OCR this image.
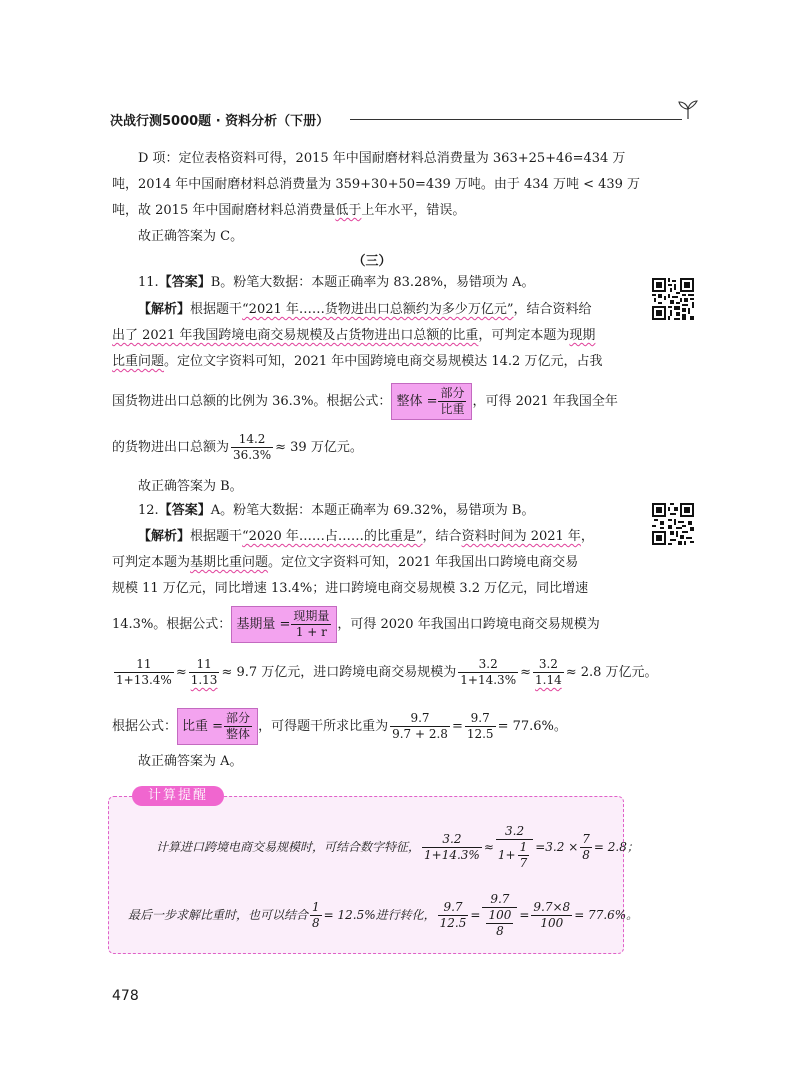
决战行测5000题 · 资料分析（下册）
D 项：定位表格资料可得，2015 年中国耐磨材料总消费量为 363+25+46=434 万
吨，2014 年中国耐磨材料总消费量为 359+30+50=439 万吨。由于 434 万吨 < 439 万
吨，故 2015 年中国耐磨材料总消费量低于上年水平，错误。
故正确答案为 C。
（三）
11.【答案】B。粉笔大数据：本题正确率为 83.28%，易错项为 A。
【解析】根据题干“2021 年……货物进出口总额约为多少万亿元”，结合资料给
出了 2021 年我国跨境电商交易规模及占货物进出口总额的比重，可判定本题为现期
比重问题。定位文字资料可知，2021 年中国跨境电商交易规模达 14.2 万亿元，占我
国货物进出口总额的比例为 36.3%。根据公式： 整体 = $\frac{\text{部分}}{\text{比重}}$ ，可得 2021 年我国全年
的货物进出口总额为 $\frac{14.2}{36.3\%} \approx 39$ 万亿元。
故正确答案为 B。
12.【答案】A。粉笔大数据：本题正确率为 69.32%，易错项为 B。
【解析】根据题干“2020 年……占……的比重是”，结合资料时间为 2021 年，
可判定本题为基期比重问题。定位文字资料可知，2021 年我国出口跨境电商交易
规模 11 万亿元，同比增速 13.4%；进口跨境电商交易规模 3.2 万亿元，同比增速
14.3%。根据公式： 基期量 = $\frac{\text{现期量}}{1 + r}$ ，可得 2020 年我国出口跨境电商交易规模为
$\frac{11}{1+13.4\%} \approx \frac{11}{1.13} \approx 9.7$ 万亿元，进口跨境电商交易规模为 $\frac{3.2}{1+14.3\%} \approx \frac{3.2}{1.14} \approx 2.8$ 万亿元。
根据公式： 比重 = $\frac{\text{部分}}{\text{整体}}$ ，可得题干所求比重为 $\frac{9.7}{9.7 + 2.8} = \frac{9.7}{12.5} = 77.6\%$。
故正确答案为 A。
计算提醒
计算进口跨境电商交易规模时，可结合数字特征， $\frac{3.2}{1+14.3\%} \approx \frac{3.2}{1+ \frac{1}{7}} =3.2 \times \frac{7}{8} = 2.8$；
最后一步求解比重时，也可以结合 $\frac{1}{8} = 12.5\%$进行转化， $\frac{9.7}{12.5} = \frac{9.7}{\frac{100}{8}} = \frac{9.7\times 8}{100} = 77.6\%$。
478
